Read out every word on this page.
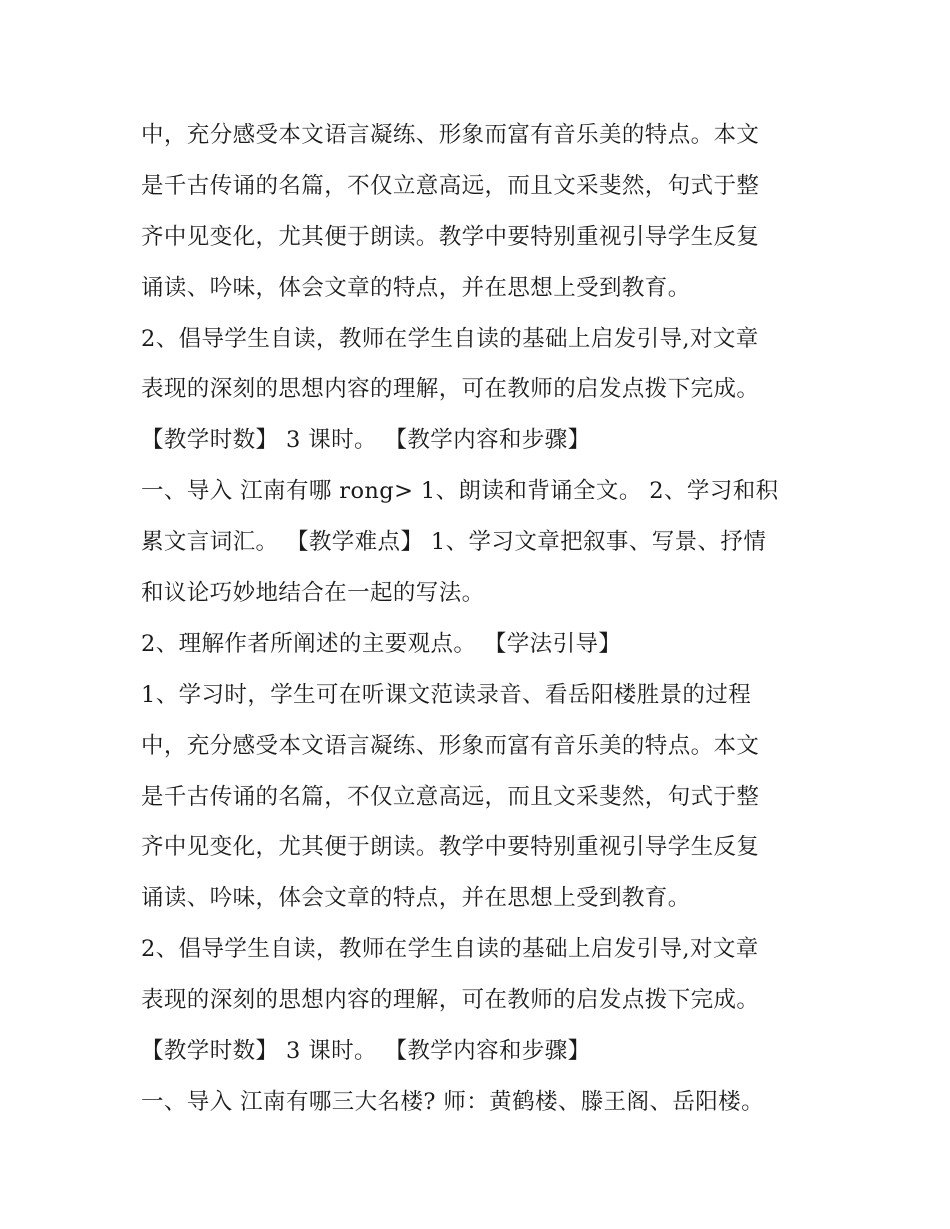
中，充分感受本文语言凝练、形象而富有音乐美的特点。本文
是千古传诵的名篇，不仅立意高远，而且文采斐然，句式于整
齐中见变化，尤其便于朗读。教学中要特别重视引导学生反复
诵读、吟味，体会文章的特点，并在思想上受到教育。
2、倡导学生自读，教师在学生自读的基础上启发引导,对文章
表现的深刻的思想内容的理解，可在教师的启发点拨下完成。
【教学时数】 3 课时。 【教学内容和步骤】
一、导入 江南有哪 rong> 1、朗读和背诵全文。 2、学习和积
累文言词汇。 【教学难点】 1、学习文章把叙事、写景、抒情
和议论巧妙地结合在一起的写法。
2、理解作者所阐述的主要观点。 【学法引导】
1、学习时，学生可在听课文范读录音、看岳阳楼胜景的过程
中，充分感受本文语言凝练、形象而富有音乐美的特点。本文
是千古传诵的名篇，不仅立意高远，而且文采斐然，句式于整
齐中见变化，尤其便于朗读。教学中要特别重视引导学生反复
诵读、吟味，体会文章的特点，并在思想上受到教育。
2、倡导学生自读，教师在学生自读的基础上启发引导,对文章
表现的深刻的思想内容的理解，可在教师的启发点拨下完成。
【教学时数】 3 课时。 【教学内容和步骤】
一、导入 江南有哪三大名楼? 师：黄鹤楼、滕王阁、岳阳楼。
